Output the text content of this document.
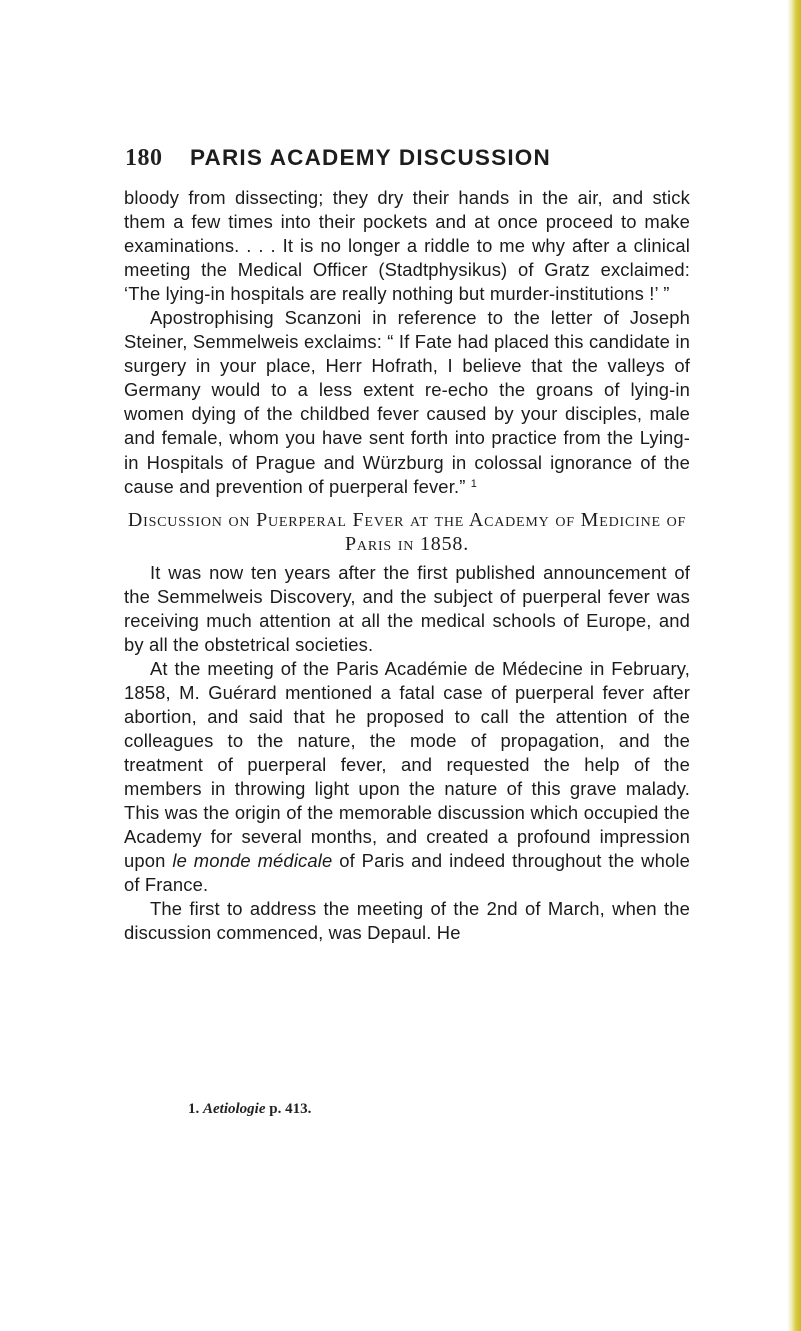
180 PARIS ACADEMY DISCUSSION

bloody from dissecting; they dry their hands in the air, and stick them a few times into their pockets and at once proceed to make examinations. . . . It is no longer a riddle to me why after a clinical meeting the Medical Officer (Stadtphysikus) of Gratz exclaimed: ‘The lying-in hospitals are really nothing but murder-institutions !’ ”

Apostrophising Scanzoni in reference to the letter of Joseph Steiner, Semmelweis exclaims: “ If Fate had placed this candidate in surgery in your place, Herr Hofrath, I believe that the valleys of Germany would to a less extent re-echo the groans of lying-in women dying of the childbed fever caused by your disciples, male and female, whom you have sent forth into practice from the Lying-in Hospitals of Prague and Würzburg in colossal ignorance of the cause and prevention of puerperal fever.” $^1$

Discussion on Puerperal Fever at the Academy of Medicine of Paris in 1858.

It was now ten years after the first published announcement of the Semmelweis Discovery, and the subject of puerperal fever was receiving much attention at all the medical schools of Europe, and by all the obstetrical societies.

At the meeting of the Paris Académie de Médecine in February, 1858, M. Guérard mentioned a fatal case of puerperal fever after abortion, and said that he proposed to call the attention of the colleagues to the nature, the mode of propagation, and the treatment of puerperal fever, and requested the help of the members in throwing light upon the nature of this grave malady. This was the origin of the memorable discussion which occupied the Academy for several months, and created a profound impression upon le monde médicale of Paris and indeed throughout the whole of France.

The first to address the meeting of the 2nd of March, when the discussion commenced, was Depaul. He

1. Aetiologie p. 413.
